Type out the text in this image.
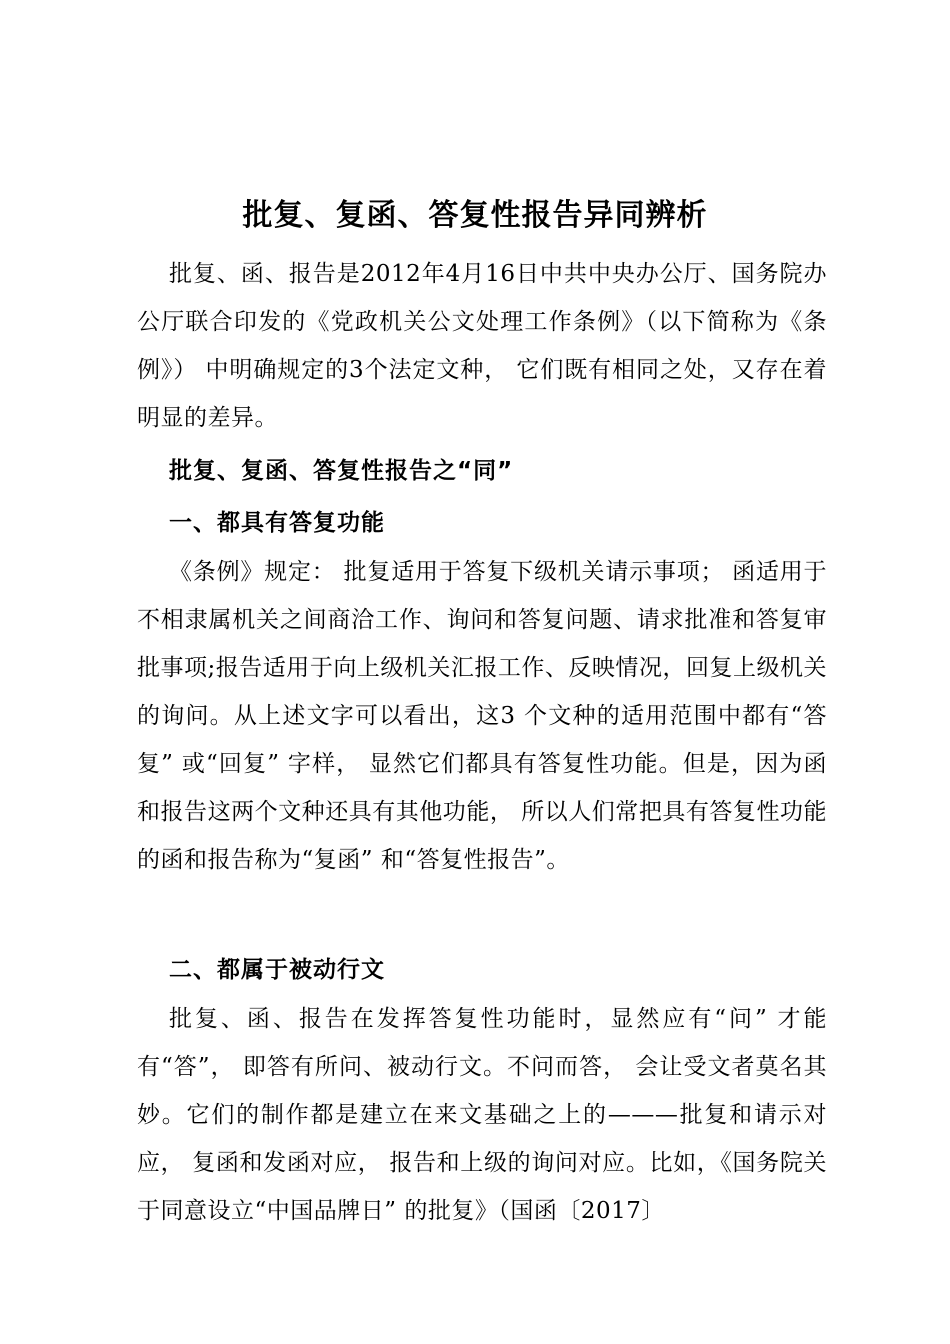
批复、复函、答复性报告异同辨析

批复、函、报告是2012年4月16日中共中央办公厅、国务院办公厅联合印发的《党政机关公文处理工作条例》（以下简称为《条例》） 中明确规定的3个法定文种， 它们既有相同之处，又存在着明显的差异。

批复、复函、答复性报告之“同”
一、都具有答复功能

《条例》规定： 批复适用于答复下级机关请示事项； 函适用于不相隶属机关之间商洽工作、询问和答复问题、请求批准和答复审批事项;报告适用于向上级机关汇报工作、反映情况，回复上级机关的询问。从上述文字可以看出，这3 个文种的适用范围中都有“答复” 或“回复” 字样， 显然它们都具有答复性功能。但是，因为函和报告这两个文种还具有其他功能， 所以人们常把具有答复性功能的函和报告称为“复函” 和“答复性报告”。

二、都属于被动行文

批复、函、报告在发挥答复性功能时，显然应有“问” 才能有“答”， 即答有所问、被动行文。不问而答， 会让受文者莫名其妙。它们的制作都是建立在来文基础之上的———批复和请示对应， 复函和发函对应， 报告和上级的询问对应。比如，《国务院关于同意设立“中国品牌日” 的批复》（国函〔2017〕
